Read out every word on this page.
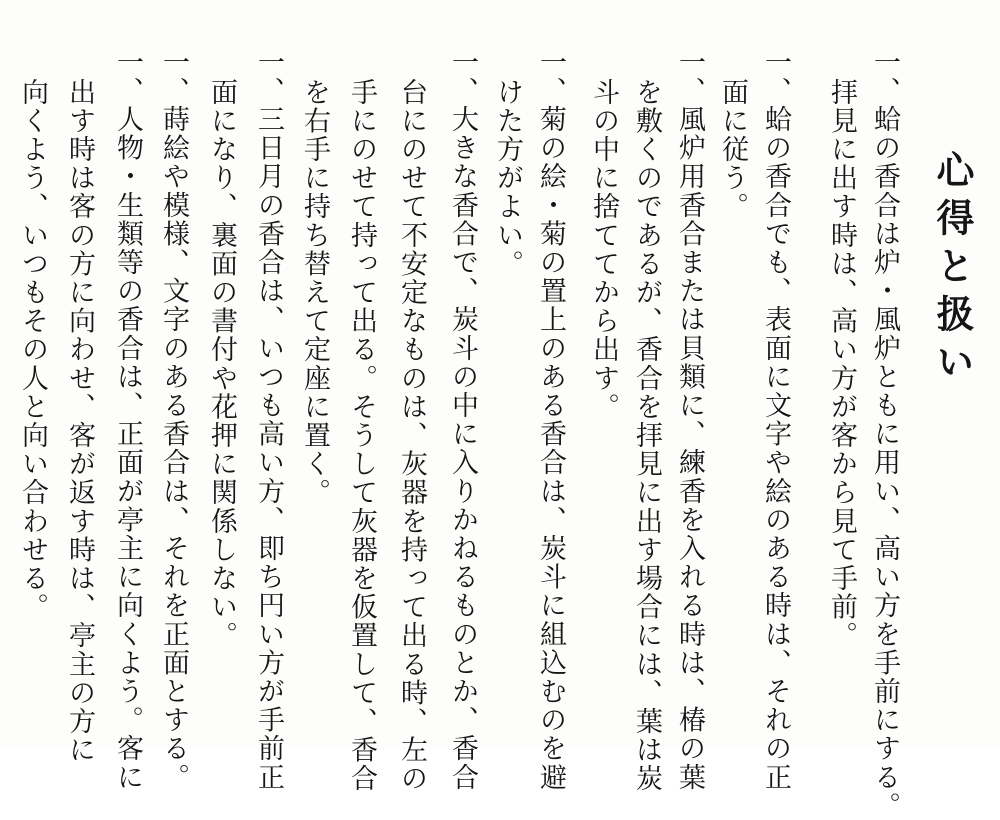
心得と扱い
一、蛤の香合は炉・風炉ともに用い、高い方を手前にする。
拝見に出す時は、高い方が客から見て手前。
一、蛤の香合でも、表面に文字や絵のある時は、それの正
面に従う。
一、風炉用香合または貝類に、練香を入れる時は、椿の葉
を敷くのであるが、香合を拝見に出す場合には、葉は炭
斗の中に捨ててから出す。
一、菊の絵・菊の置上のある香合は、炭斗に組込むのを避
けた方がよい。
一、大きな香合で、炭斗の中に入りかねるものとか、香合
台にのせて不安定なものは、灰器を持って出る時、左の
手にのせて持って出る。そうして灰器を仮置して、香合
を右手に持ち替えて定座に置く。
一、三日月の香合は、いつも高い方、即ち円い方が手前正
面になり、裏面の書付や花押に関係しない。
一、蒔絵や模様、文字のある香合は、それを正面とする。
一、人物・生類等の香合は、正面が亭主に向くよう。客に
出す時は客の方に向わせ、客が返す時は、亭主の方に
向くよう、いつもその人と向い合わせる。
